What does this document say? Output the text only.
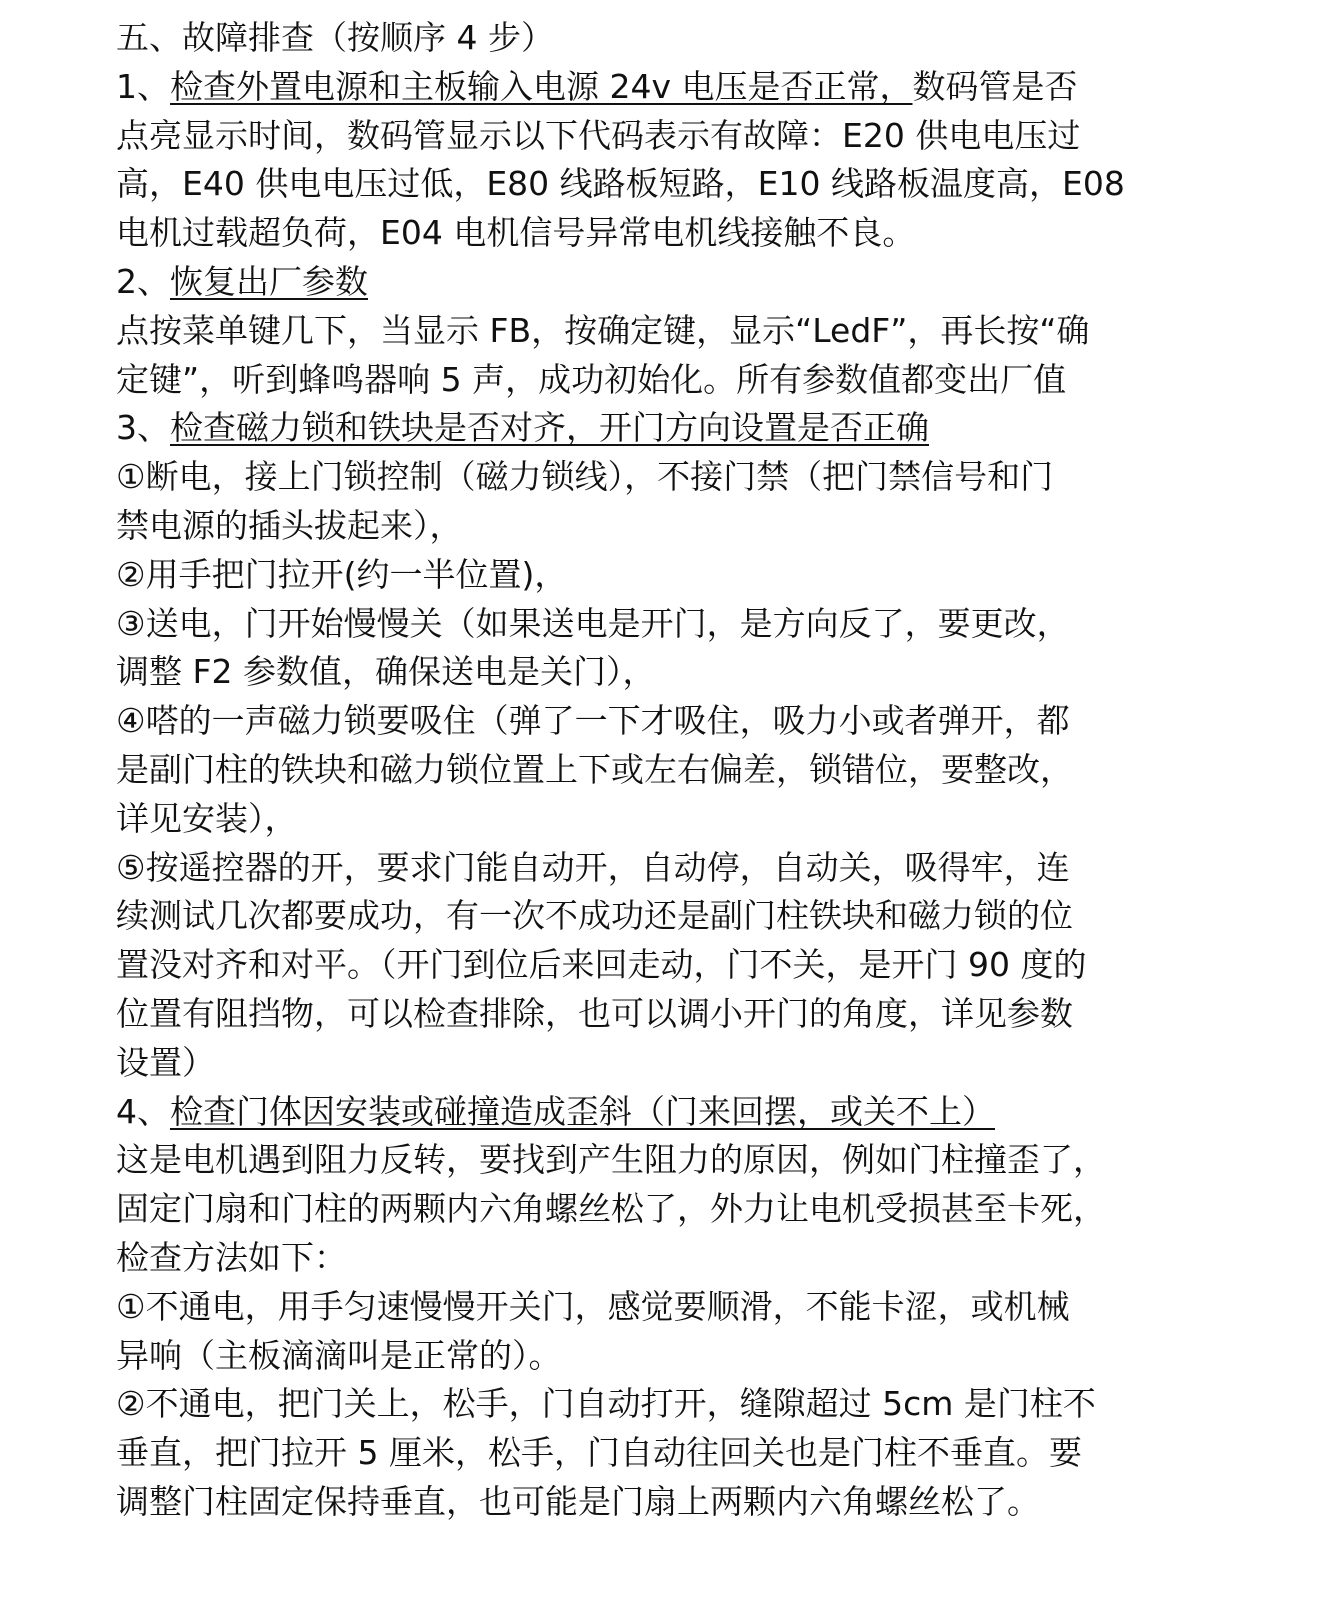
五、故障排查（按顺序 4 步）
1、检查外置电源和主板输入电源 24v 电压是否正常，数码管是否
点亮显示时间，数码管显示以下代码表示有故障：E20 供电电压过
高，E40 供电电压过低，E80 线路板短路，E10 线路板温度高，E08
电机过载超负荷，E04 电机信号异常电机线接触不良。
2、恢复出厂参数
点按菜单键几下，当显示 FB，按确定键，显示“LedF”，再长按“确
定键”，听到蜂鸣器响 5 声，成功初始化。所有参数值都变出厂值
3、检查磁力锁和铁块是否对齐，开门方向设置是否正确
①断电，接上门锁控制（磁力锁线），不接门禁（把门禁信号和门
禁电源的插头拔起来），
②用手把门拉开(约一半位置)，
③送电，门开始慢慢关（如果送电是开门，是方向反了，要更改，
调整 F2 参数值，确保送电是关门），
④嗒的一声磁力锁要吸住（弹了一下才吸住，吸力小或者弹开，都
是副门柱的铁块和磁力锁位置上下或左右偏差，锁错位，要整改，
详见安装），
⑤按遥控器的开，要求门能自动开，自动停，自动关，吸得牢，连
续测试几次都要成功，有一次不成功还是副门柱铁块和磁力锁的位
置没对齐和对平。（开门到位后来回走动，门不关，是开门 90 度的
位置有阻挡物，可以检查排除，也可以调小开门的角度，详见参数
设置）
4、检查门体因安装或碰撞造成歪斜（门来回摆，或关不上）
这是电机遇到阻力反转，要找到产生阻力的原因，例如门柱撞歪了，
固定门扇和门柱的两颗内六角螺丝松了，外力让电机受损甚至卡死，
检查方法如下：
①不通电，用手匀速慢慢开关门，感觉要顺滑，不能卡涩，或机械
异响（主板滴滴叫是正常的）。
②不通电，把门关上，松手，门自动打开，缝隙超过 5cm 是门柱不
垂直，把门拉开 5 厘米，松手，门自动往回关也是门柱不垂直。要
调整门柱固定保持垂直，也可能是门扇上两颗内六角螺丝松了。
